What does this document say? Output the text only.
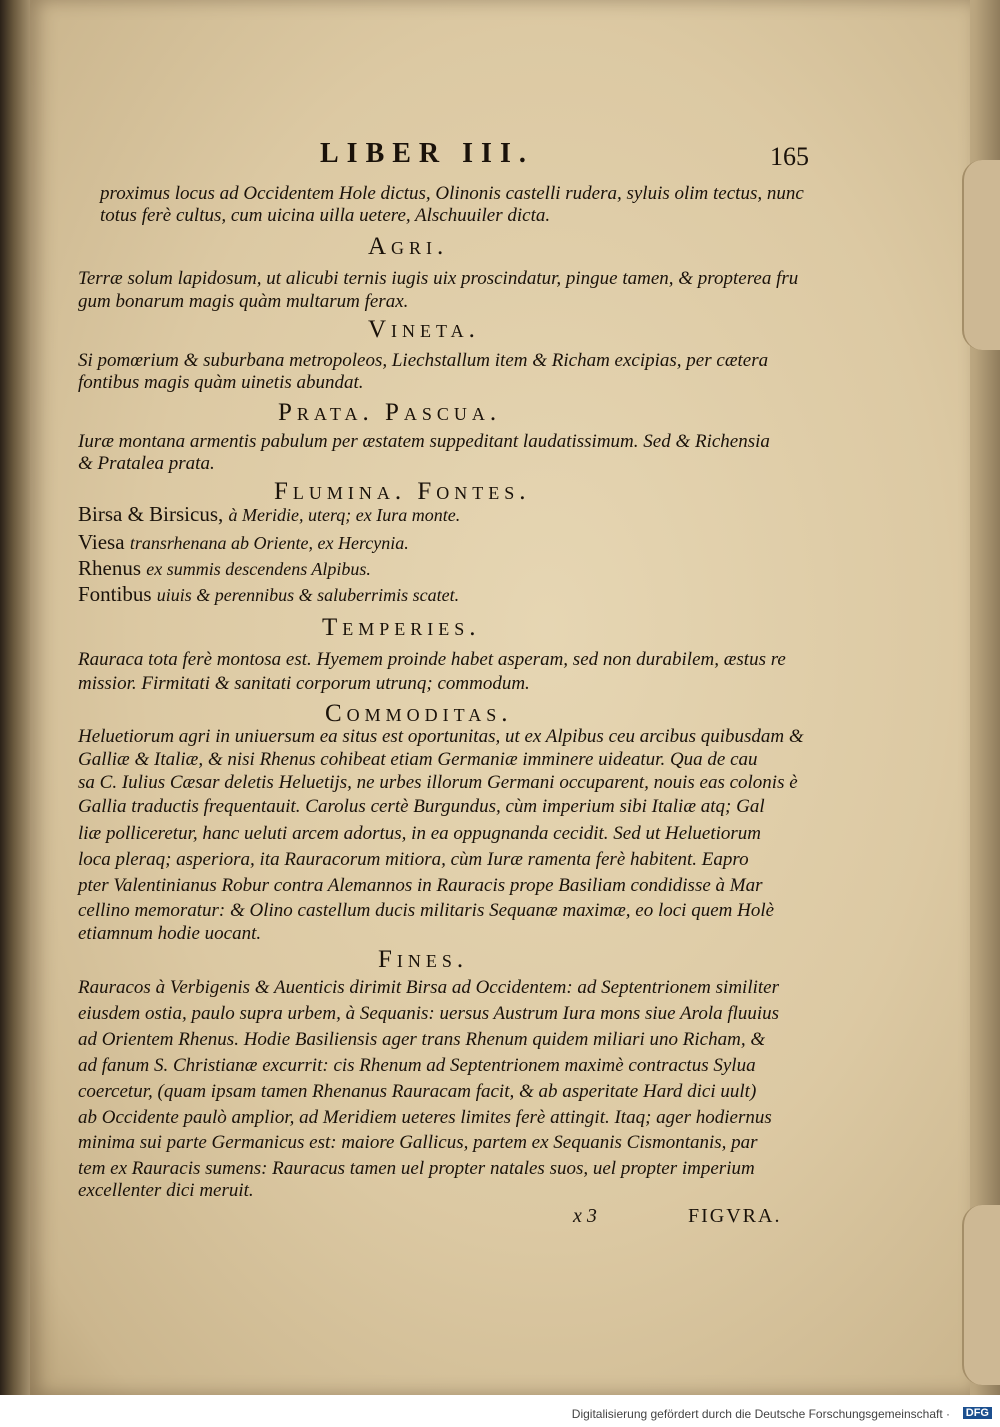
LIBER III.	165
proximus locus ad Occidentem Hole dictus, Olinonis castelli rudera, syluis olim tectus, nunc
totus ferè cultus, cum uicina uilla uetere, Alschuuiler dicta.
Agri.
Terræ solum lapidosum, ut alicubi ternis iugis uix proscindatur, pingue tamen, & propterea fru
gum bonarum magis quàm multarum ferax.
Vineta.
Si pomœrium & suburbana metropoleos, Liechstallum item & Richam excipias, per cætera
fontibus magis quàm uinetis abundat.
Prata. Pascua.
Iuræ montana armentis pabulum per æstatem suppeditant laudatissimum. Sed & Richensia
& Pratalea prata.
Flumina. Fontes.
Birsa & Birsicus, à Meridie, uterq; ex Iura monte.
Viesa transrhenana ab Oriente, ex Hercynia.
Rhenus ex summis descendens Alpibus.
Fontibus uiuis & perennibus & saluberrimis scatet.
Temperies.
Rauraca tota ferè montosa est. Hyemem proinde habet asperam, sed non durabilem, æstus re
missior. Firmitati & sanitati corporum utrunq; commodum.
Commoditas.
Heluetiorum agri in uniuersum ea situs est oportunitas, ut ex Alpibus ceu arcibus quibusdam &
Galliæ & Italiæ, & nisi Rhenus cohibeat etiam Germaniæ imminere uideatur. Qua de cau
sa C. Iulius Cæsar deletis Heluetijs, ne urbes illorum Germani occuparent, nouis eas colonis è
Gallia traductis frequentauit. Carolus certè Burgundus, cùm imperium sibi Italiæ atq; Gal
liæ polliceretur, hanc ueluti arcem adortus, in ea oppugnanda cecidit. Sed ut Heluetiorum
loca pleraq; asperiora, ita Rauracorum mitiora, cùm Iuræ ramenta ferè habitent. Eapro
pter Valentinianus Robur contra Alemannos in Rauracis prope Basiliam condidisse à Mar
cellino memoratur: & Olino castellum ducis militaris Sequanæ maximæ, eo loci quem Holè
etiamnum hodie uocant.
Fines.
Rauracos à Verbigenis & Auenticis dirimit Birsa ad Occidentem: ad Septentrionem similiter
eiusdem ostia, paulo supra urbem, à Sequanis: uersus Austrum Iura mons siue Arola fluuius
ad Orientem Rhenus. Hodie Basiliensis ager trans Rhenum quidem miliari uno Richam, &
ad fanum S. Christianæ excurrit: cis Rhenum ad Septentrionem maximè contractus Sylua
coercetur, (quam ipsam tamen Rhenanus Rauracam facit, & ab asperitate Hard dici uult)
ab Occidente paulò amplior, ad Meridiem ueteres limites ferè attingit. Itaq; ager hodiernus
minima sui parte Germanicus est: maiore Gallicus, partem ex Sequanis Cismontanis, par
tem ex Rauracis sumens: Rauracus tamen uel propter natales suos, uel propter imperium
excellenter dici meruit.
x 3	FIGVRA.
Digitalisierung gefördert durch die Deutsche Forschungsgemeinschaft · DFG
